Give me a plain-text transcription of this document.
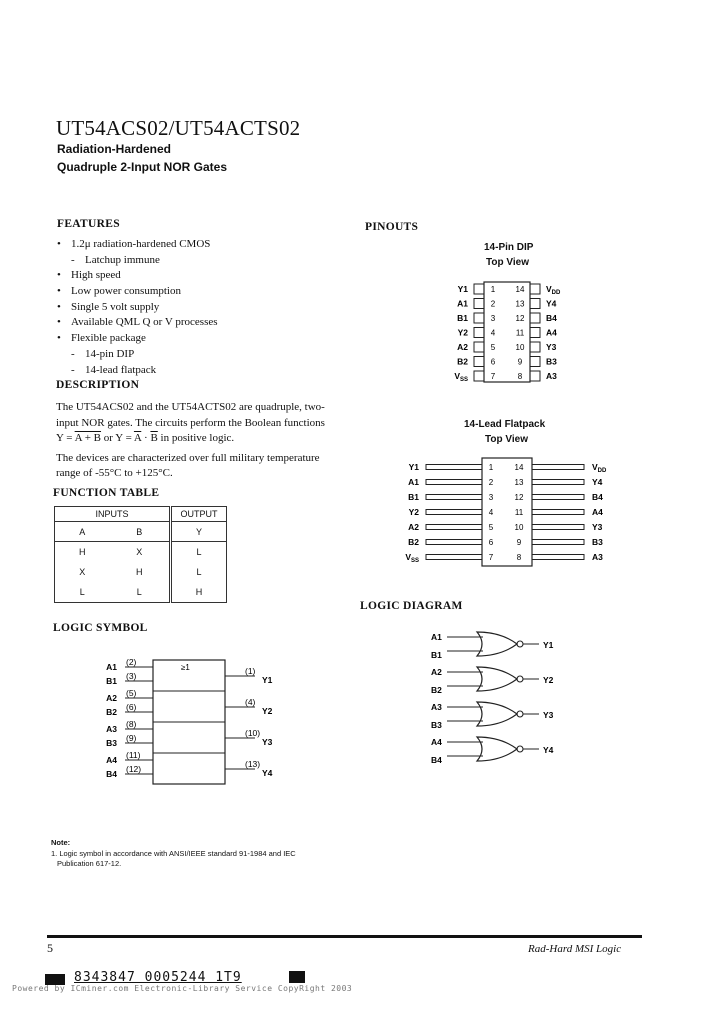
UT54ACS02/UT54ACTS02
Radiation-Hardened
Quadruple 2-Input NOR Gates
FEATURES
• 1.2μ radiation-hardened CMOS
- Latchup immune
• High speed
• Low power consumption
• Single 5 volt supply
• Available QML Q or V processes
• Flexible package
- 14-pin DIP
- 14-lead flatpack
DESCRIPTION
The UT54ACS02 and the UT54ACTS02 are quadruple, two-
input NOR gates. The circuits perform the Boolean functions
Y = A + B or $Y = \overline{A} \cdot \overline{B}$ in positive logic.
The devices are characterized over full military temperature
range of -55°C to +125°C.
FUNCTION TABLE
INPUTS		OUTPUT
A	B	Y
H	X	L
X	H	L
L	L	H
PINOUTS
14-Pin DIP
Top View
Y1	1
A1	2
B1	3
Y2	4
A2	5
B2	6
$V_{SS}$	7
$V_{DD}$
14
Y4
13
B4
12
A4
11
Y3
10
B3
9
A3
8
14-Lead Flatpack
Top View
Y1	1
A1	2
B1	3
Y2	4
A2	5
B2	6
$V_{SS}$	7
$V_{DD}$
14
Y4
13
B4
12
A4
11
Y3
10
B3
9
A3
8
LOGIC DIAGRAM
A1
B1
Y1
A2
B2
Y2
A3
B3
Y3
A4
B4
Y4
LOGIC SYMBOL
≥1
A1 (2)
B1 (3)
A2 (5)
B2 (6)
A3 (8)
B3 (9)
A4 (11)
B4 (12)
(1)
Y1
(4)
Y2
(10)
Y3
(13)
Y4
Note:
1. Logic symbol in accordance with ANSI/IEEE standard 91-1984 and IEC
Publication 617-12.
5	Rad-Hard MSI Logic
8343847 0005244 1T9
Powered by ICminer.com Electronic-Library Service CopyRight 2003
